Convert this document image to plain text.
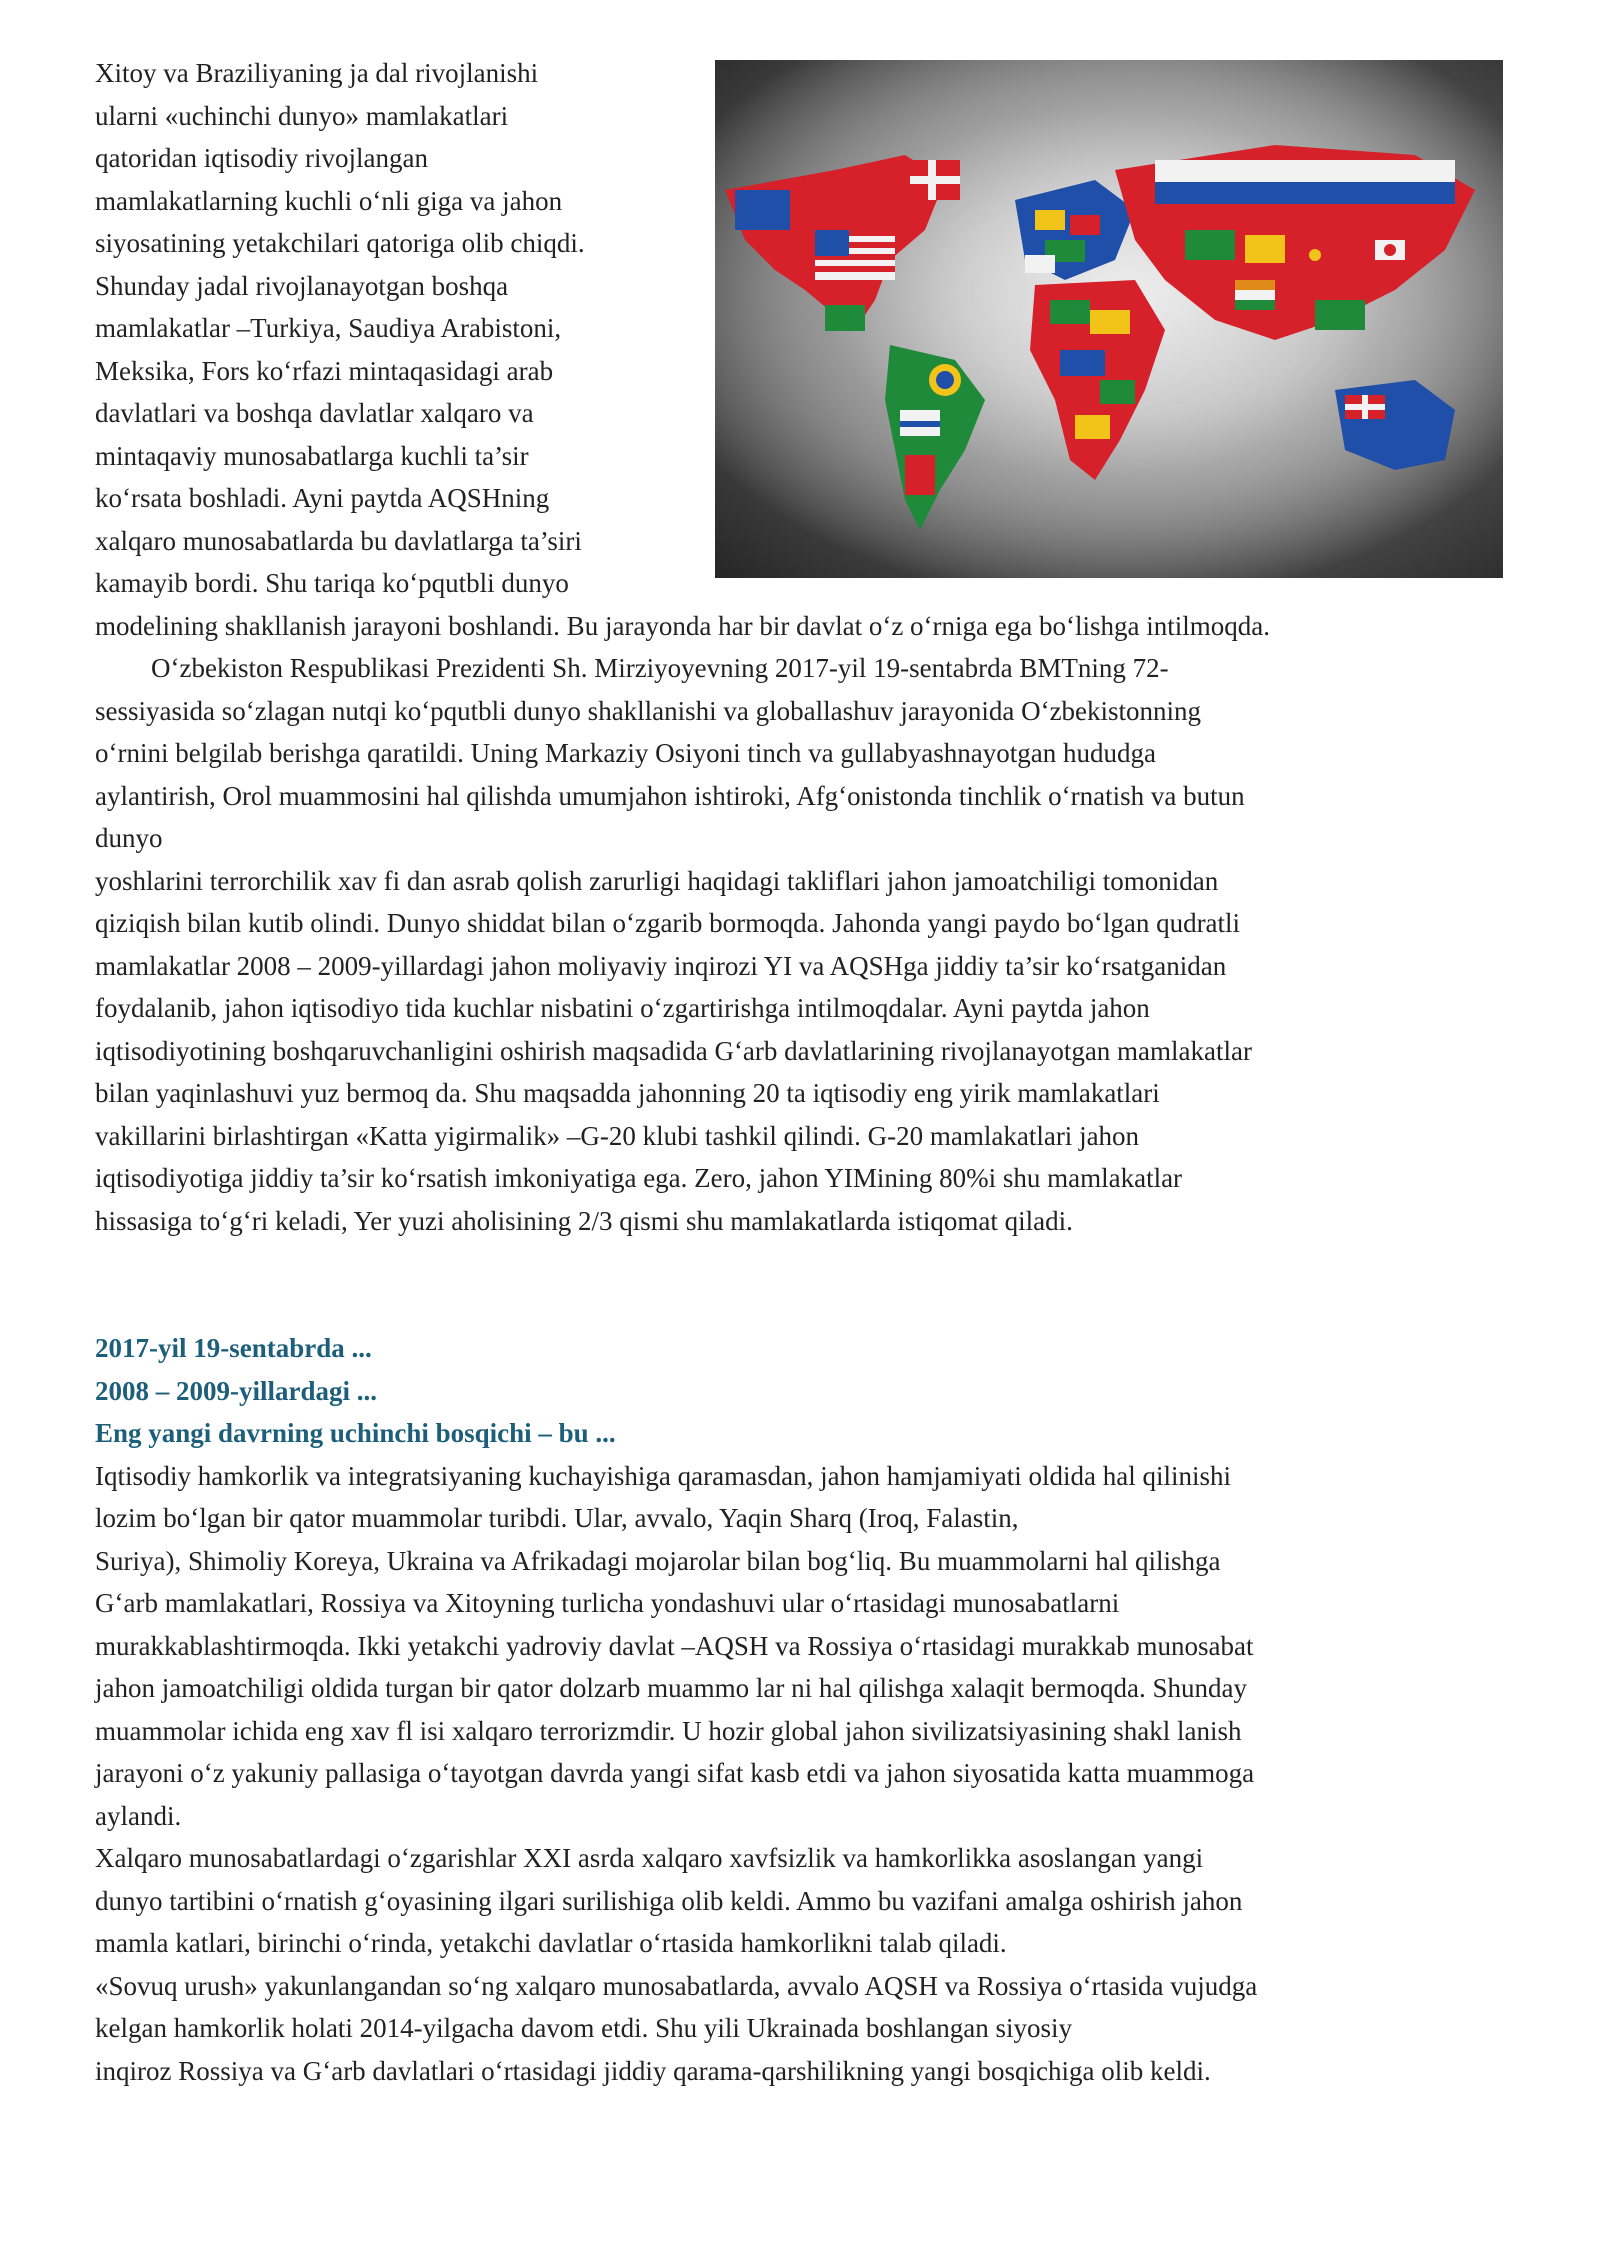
Xitoy va Braziliyaning ja dal rivojlanishi
ularni «uchinchi dunyo» mamlakatlari
qatoridan iqtisodiy rivojlangan
mamlakatlarning kuchli oʻnli giga va jahon
siyosatining yetakchilari qatoriga olib chiqdi.
Shunday jadal rivojlanayotgan boshqa
mamlakatlar –Turkiya, Saudiya Arabistoni,
Meksika, Fors koʻrfazi mintaqasidagi arab
davlatlari va boshqa davlatlar xalqaro va
mintaqaviy munosabatlarga kuchli ta’sir
koʻrsata boshladi. Ayni paytda AQSHning
xalqaro munosabatlarda bu davlatlarga ta’siri
kamayib bordi. Shu tariqa koʻpqutbli dunyo
modelining shakllanish jarayoni boshlandi. Bu jarayonda har bir davlat oʻz oʻrniga ega boʻlishga intilmoqda.
Oʻzbekiston Respublikasi Prezidenti Sh. Mirziyoyevning 2017-yil 19-sentabrda BMTning 72-
sessiyasida soʻzlagan nutqi koʻpqutbli dunyo shakllanishi va globallashuv jarayonida Oʻzbekistonning
oʻrnini belgilab berishga qaratildi. Uning Markaziy Osiyoni tinch va gullabyashnayotgan hududga
aylantirish, Orol muammosini hal qilishda umumjahon ishtiroki, Afgʻonistonda tinchlik oʻrnatish va butun
dunyo
yoshlarini terrorchilik xav fi dan asrab qolish zarurligi haqidagi takliflari jahon jamoatchiligi tomonidan
qiziqish bilan kutib olindi. Dunyo shiddat bilan oʻzgarib bormoqda. Jahonda yangi paydo boʻlgan qudratli
mamlakatlar 2008 – 2009-yillardagi jahon moliyaviy inqirozi YI va AQSHga jiddiy ta’sir koʻrsatganidan
foydalanib, jahon iqtisodiyo tida kuchlar nisbatini oʻzgartirishga intilmoqdalar. Ayni paytda jahon
iqtisodiyotining boshqaruvchanligini oshirish maqsadida Gʻarb davlatlarining rivojlanayotgan mamlakatlar
bilan yaqinlashuvi yuz bermoq da. Shu maqsadda jahonning 20 ta iqtisodiy eng yirik mamlakatlari
vakillarini birlashtirgan «Katta yigirmalik» –G-20 klubi tashkil qilindi. G-20 mamlakatlari jahon
iqtisodiyotiga jiddiy ta’sir koʻrsatish imkoniyatiga ega. Zero, jahon YIMining 80%i shu mamlakatlar
hissasiga toʻgʻri keladi, Yer yuzi aholisining 2/3 qismi shu mamlakatlarda istiqomat qiladi.
2017-yil 19-sentabrda ...
2008 – 2009-yillardagi ...
Eng yangi davrning uchinchi bosqichi – bu ...
Iqtisodiy hamkorlik va integratsiyaning kuchayishiga qaramasdan, jahon hamjamiyati oldida hal qilinishi
lozim boʻlgan bir qator muammolar turibdi. Ular, avvalo, Yaqin Sharq (Iroq, Falastin,
Suriya), Shimoliy Koreya, Ukraina va Afrikadagi mojarolar bilan bogʻliq. Bu muammolarni hal qilishga
Gʻarb mamlakatlari, Rossiya va Xitoyning turlicha yondashuvi ular oʻrtasidagi munosabatlarni
murakkablashtirmoqda. Ikki yetakchi yadroviy davlat –AQSH va Rossiya oʻrtasidagi murakkab munosabat
jahon jamoatchiligi oldida turgan bir qator dolzarb muammo lar ni hal qilishga xalaqit bermoqda. Shunday
muammolar ichida eng xav fl isi xalqaro terrorizmdir. U hozir global jahon sivilizatsiyasining shakl lanish
jarayoni oʻz yakuniy pallasiga oʻtayotgan davrda yangi sifat kasb etdi va jahon siyosatida katta muammoga
aylandi.
Xalqaro munosabatlardagi oʻzgarishlar XXI asrda xalqaro xavfsizlik va hamkorlikka asoslangan yangi
dunyo tartibini oʻrnatish gʻoyasining ilgari surilishiga olib keldi. Ammo bu vazifani amalga oshirish jahon
mamla katlari, birinchi oʻrinda, yetakchi davlatlar oʻrtasida hamkorlikni talab qiladi.
«Sovuq urush» yakunlangandan soʻng xalqaro munosabatlarda, avvalo AQSH va Rossiya oʻrtasida vujudga
kelgan hamkorlik holati 2014-yilgacha davom etdi. Shu yili Ukrainada boshlangan siyosiy
inqiroz Rossiya va Gʻarb davlatlari oʻrtasidagi jiddiy qarama-qarshilikning yangi bosqichiga olib keldi.
